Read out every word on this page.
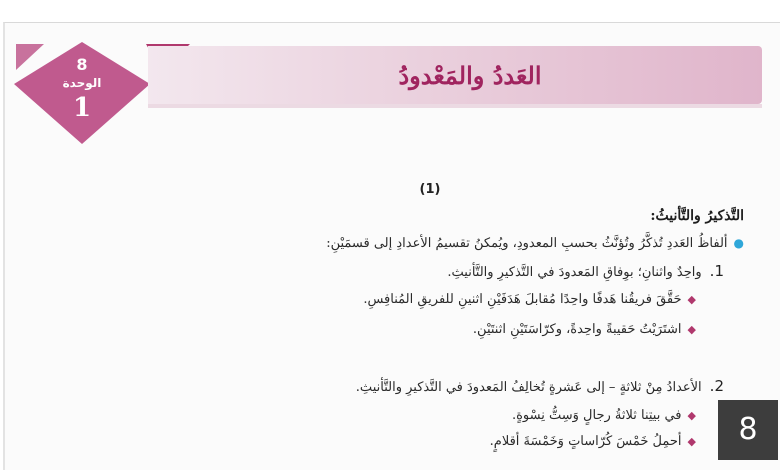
8
الوحدة
1
العَددُ والمَعْدودُ
(1)
التَّذكيرُ والتَّأنيثُ:
●ألفاظُ العَددِ تُذكَّرُ وتُؤنَّثُ بحسبِ المعدودِ، ويُمكنُ تقسيمُ الأعدادِ إلى قسمَيْنِ:
1.واحِدٌ واثنانِ؛ بوِفاقِ المَعدودَ في التَّذكيرِ والتَّأنيثِ.
◆حَقَّقَ فريقُنا هَدفًا واحِدًا مُقابلَ هَدَفَيْنِ اثنينِ للفريقِ المُنافِسِ.
◆اشتَرَيْتُ حَقيبةً واحِدةً، وكرّاسَتَيْنِ اثنتَيْنِ.
2.الأعدادُ مِنْ ثلاثةٍ – إلى عَشرةٍ تُخالِفُ المَعدودَ في التَّذكيرِ والتَّأنيثِ.
◆في بيتِنا ثلاثةُ رجالٍ وَسِتُّ نِسْوةٍ.
◆أحمِلُ خَمْسَ كُرّاساتٍ وَخَمْسَةَ أقلامٍ.	8
